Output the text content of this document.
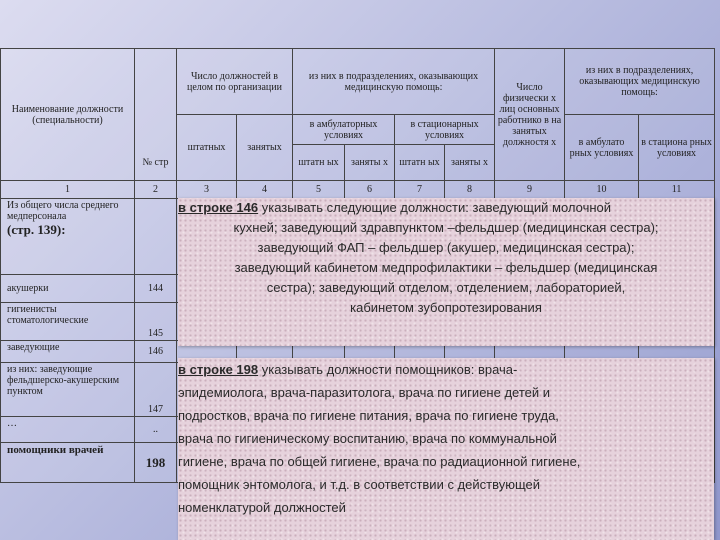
Наименование должности (специальности)		Число должностей в целом по организации		из них в подразделениях, оказывающих медицинскую помощь:				Число физически х лиц основных работнико в на занятых должностя х	из них в подразделениях, оказывающих медицинскую помощь:	
		штатных	занятых	в амбулаторных условиях		в стационарных условиях			в амбулато рных условиях	в стациона рных условиях
	№ стр			штатн ых	заняты х	штатн ых	заняты х			
1	2	3	4	5	6	7	8	9	10	11

Из общего числа среднего медперсонала
(стр. 139):										

акушерки	144									
гигиенисты стоматологические	145									
заведующие	146									
из них: заведующие фельдшерско-акушерским пунктом	147									
…	..									
помощники врачей	198									

в строке 146 указывать следующие должности: заведующий молочной

кухней; заведующий здравпунктом –фельдшер (медицинская сестра);

заведующий ФАП – фельдшер (акушер, медицинская сестра);

заведующий кабинетом медпрофилактики – фельдшер (медицинская

сестра); заведующий отделом, отделением, лабораторией,

кабинетом зубопротезирования

в строке 198 указывать должности помощников: врача-

эпидемиолога, врача-паразитолога, врача по гигиене детей и

подростков, врача по гигиене питания, врача по гигиене труда,

врача по гигиеническому воспитанию, врача по коммунальной

гигиене, врача по общей гигиене, врача по радиационной гигиене,

помощник энтомолога, и т.д. в соответствии с действующей

номенклатурой должностей
